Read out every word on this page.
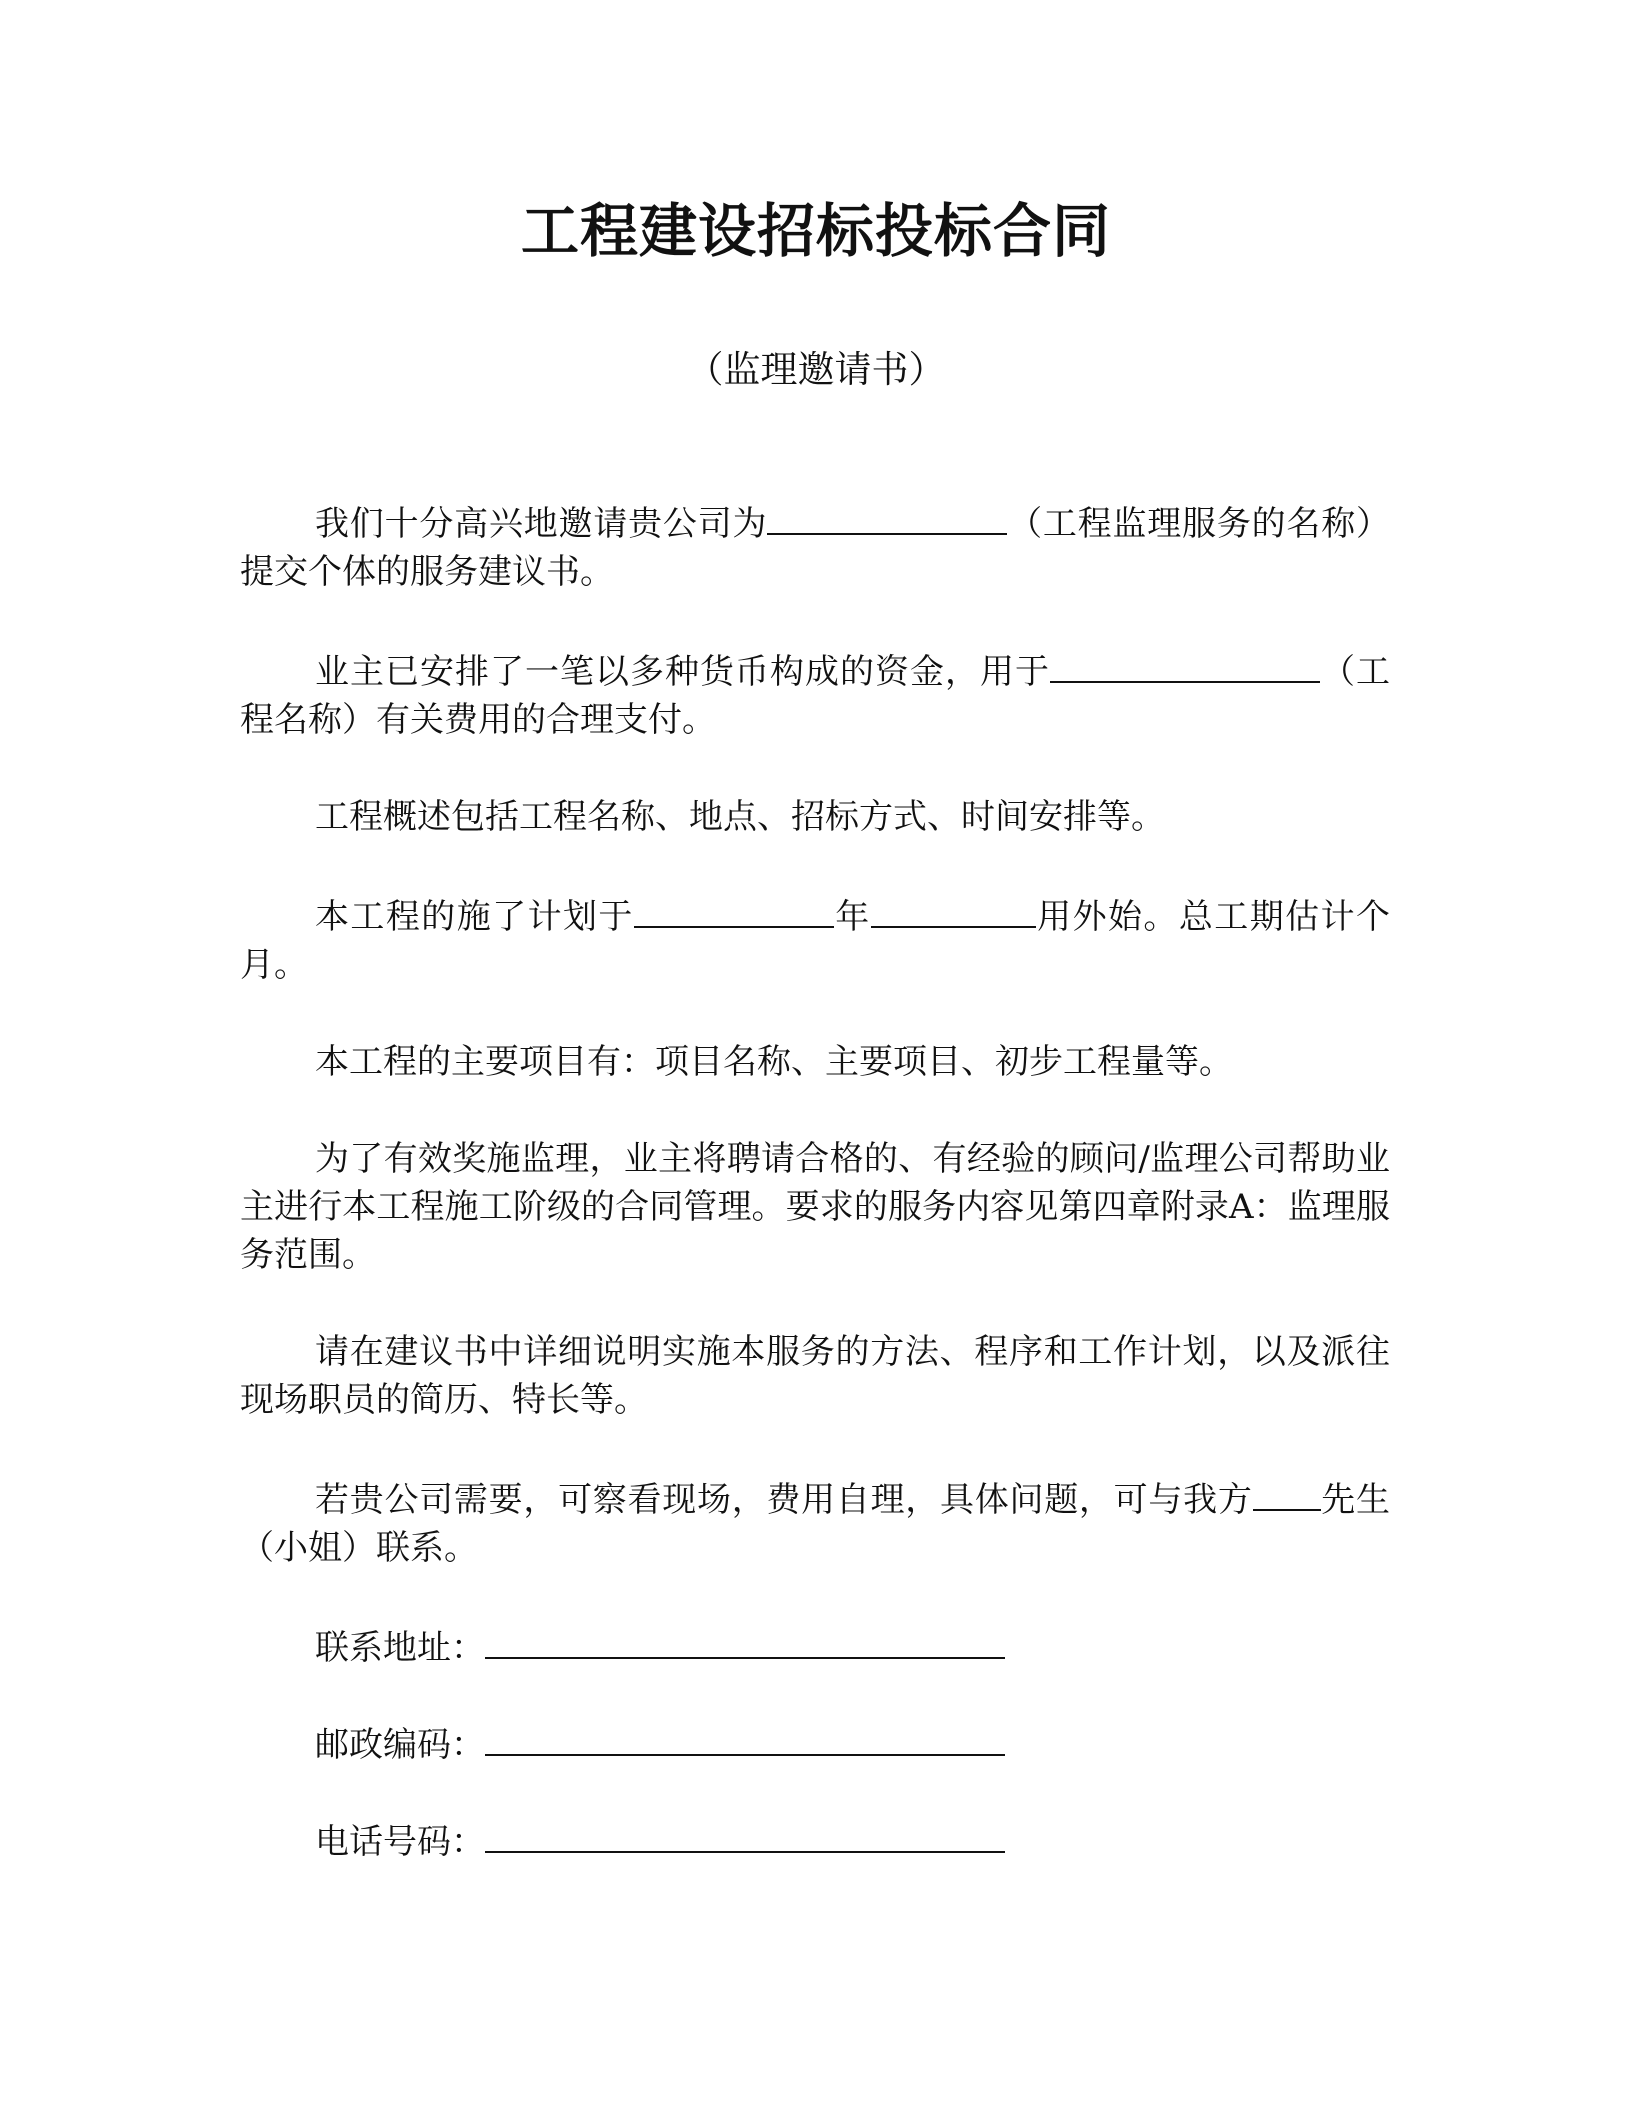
工程建设招标投标合同
（监理邀请书）

我们十分高兴地邀请贵公司为	（工程监理服务的名称）提交个体的服务建议书。

业主已安排了一笔以多种货币构成的资金，用于	（工程名称）有关费用的合理支付。

工程概述包括工程名称、地点、招标方式、时间安排等。

本工程的施了计划于	年	用外始。总工期估计个月。

本工程的主要项目有：项目名称、主要项目、初步工程量等。

为了有效奖施监理，业主将聘请合格的、有经验的顾问/监理公司帮助业主进行本工程施工阶级的合同管理。要求的服务内容见第四章附录A：监理服务范围。

请在建议书中详细说明实施本服务的方法、程序和工作计划，以及派往现场职员的简历、特长等。

若贵公司需要，可察看现场，费用自理，具体问题，可与我方 先生（小姐）联系。

联系地址：
邮政编码：
电话号码：
